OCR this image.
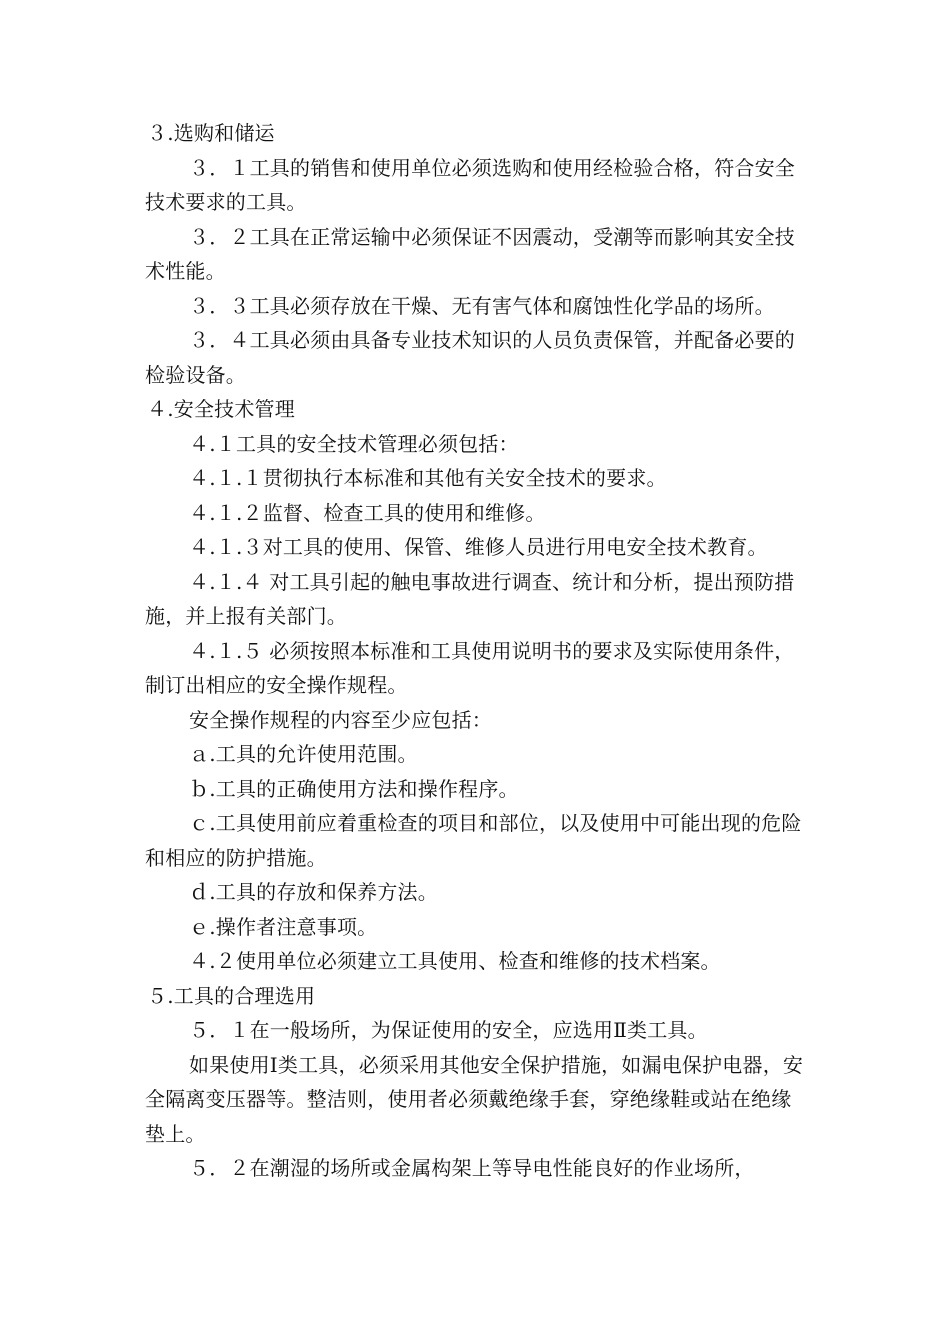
３.选购和储运

３．１工具的销售和使用单位必须选购和使用经检验合格，符合安全技术要求的工具。

３．２工具在正常运输中必须保证不因震动，受潮等而影响其安全技术性能。

３．３工具必须存放在干燥、无有害气体和腐蚀性化学品的场所。

３．４工具必须由具备专业技术知识的人员负责保管，并配备必要的检验设备。

４.安全技术管理

４.１工具的安全技术管理必须包括：

４.１.１贯彻执行本标准和其他有关安全技术的要求。

４.１.２监督、检查工具的使用和维修。

４.１.３对工具的使用、保管、维修人员进行用电安全技术教育。

４.１.４ 对工具引起的触电事故进行调查、统计和分析，提出预防措施，并上报有关部门。

４.１.５ 必须按照本标准和工具使用说明书的要求及实际使用条件，制订出相应的安全操作规程。

安全操作规程的内容至少应包括：

ａ.工具的允许使用范围。

ｂ.工具的正确使用方法和操作程序。

ｃ.工具使用前应着重检查的项目和部位，以及使用中可能出现的危险和相应的防护措施。

ｄ.工具的存放和保养方法。

ｅ.操作者注意事项。

４.２使用单位必须建立工具使用、检查和维修的技术档案。

５.工具的合理选用

５．１在一般场所，为保证使用的安全，应选用Ⅱ类工具。

如果使用Ⅰ类工具，必须采用其他安全保护措施，如漏电保护电器，安全隔离变压器等。整洁则，使用者必须戴绝缘手套，穿绝缘鞋或站在绝缘垫上。

５．２在潮湿的场所或金属构架上等导电性能良好的作业场所，
